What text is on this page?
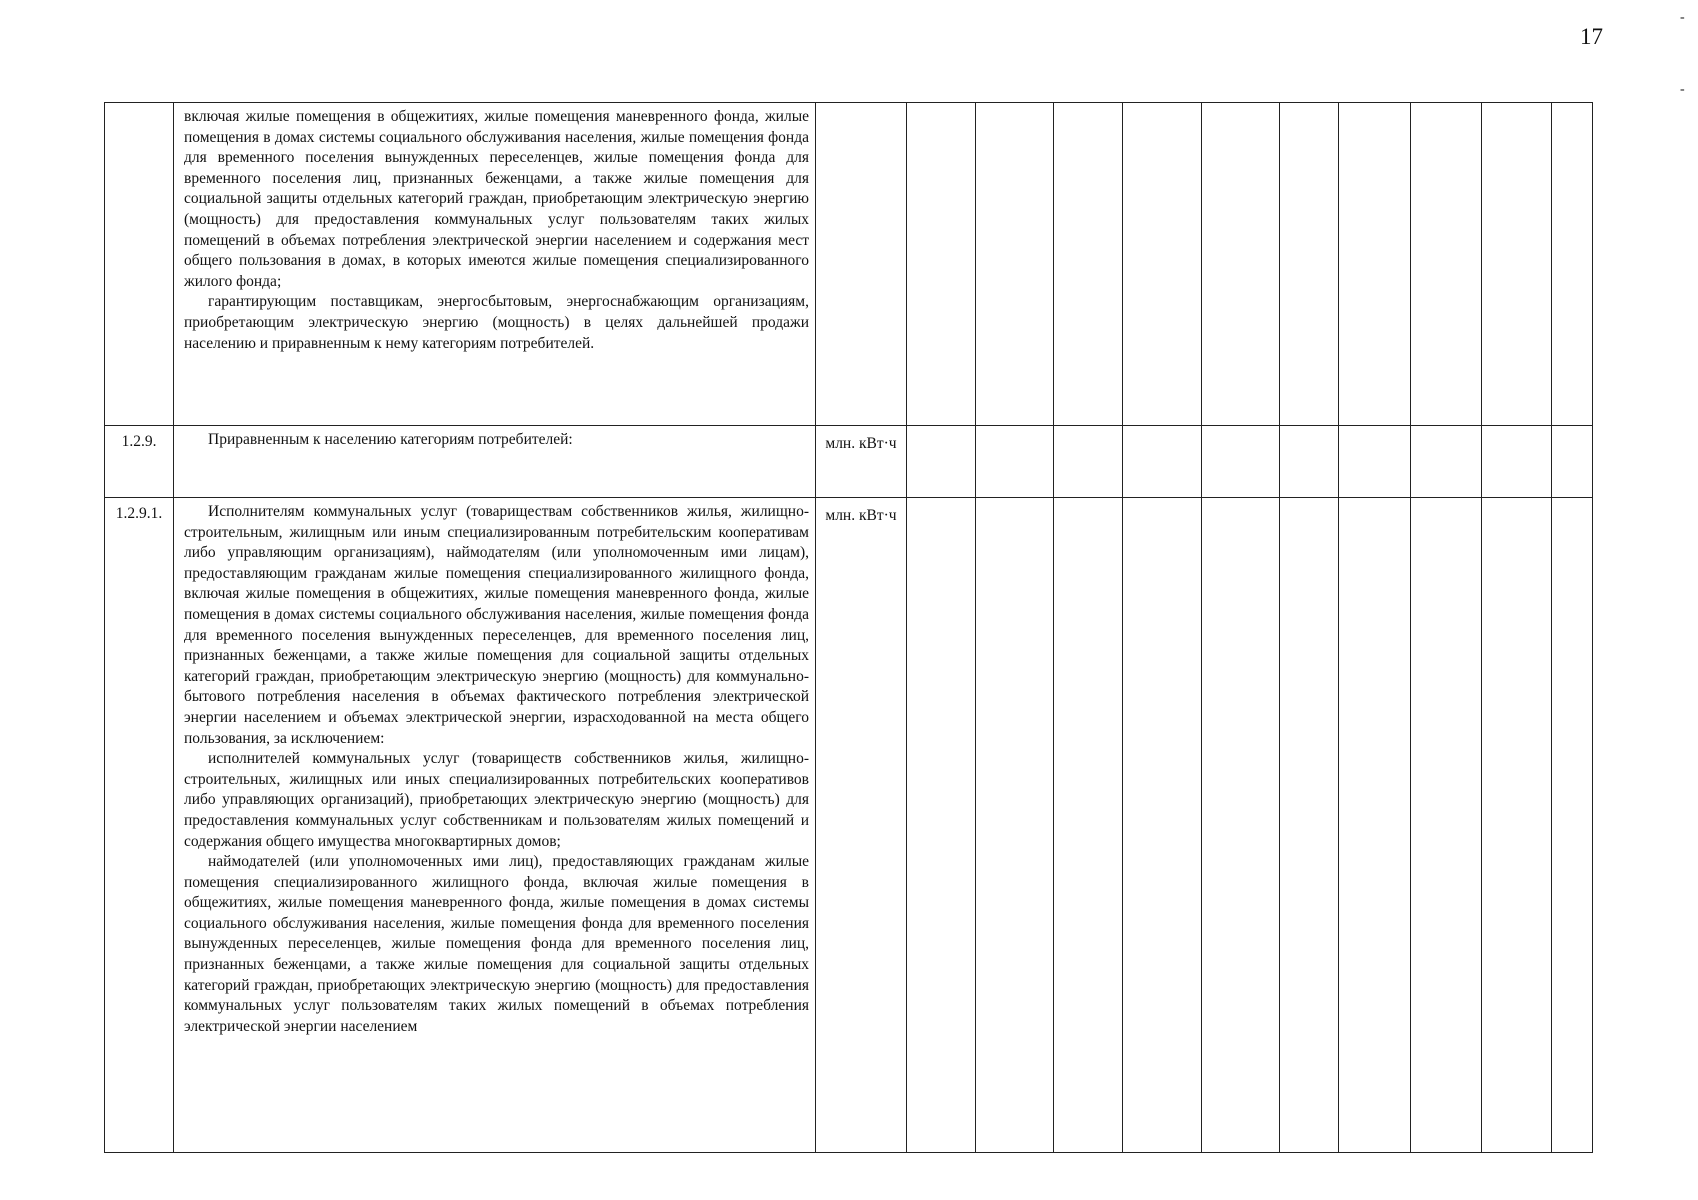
17
-
-

	включая жилые помещения в общежитиях, жилые помещения маневренного фонда, жилые помещения в домах системы социального обслуживания населения, жилые помещения фонда для временного поселения вынужденных переселенцев, жилые помещения фонда для временного поселения лиц, признанных беженцами, а также жилые помещения для социальной защиты отдельных категорий граждан, приобретающим электрическую энергию (мощность) для предоставления коммунальных услуг пользователям таких жилых помещений в объемах потребления электрической энергии населением и содержания мест общего пользования в домах, в которых имеются жилые помещения специализированного жилого фонда;

гарантирующим поставщикам, энергосбытовым, энергоснабжающим организациям, приобретающим электрическую энергию (мощность) в целях дальнейшей продажи населению и приравненным к нему категориям потребителей.											

1.2.9.	Приравненным к населению категориям потребителей:	млн. кВт·ч										
1.2.9.1.	Исполнителям коммунальных услуг (товариществам собственников жилья, жилищно-строительным, жилищным или иным специализированным потребительским кооперативам либо управляющим организациям), наймодателям (или уполномоченным ими лицам), предоставляющим гражданам жилые помещения специализированного жилищного фонда, включая жилые помещения в общежитиях, жилые помещения маневренного фонда, жилые помещения в домах системы социального обслуживания населения, жилые помещения фонда для временного поселения вынужденных переселенцев, для временного поселения лиц, признанных беженцами, а также жилые помещения для социальной защиты отдельных категорий граждан, приобретающим электрическую энергию (мощность) для коммунально-бытового потребления населения в объемах фактического потребления электрической энергии населением и объемах электрической энергии, израсходованной на места общего пользования, за исключением:

исполнителей коммунальных услуг (товариществ собственников жилья, жилищно-строительных, жилищных или иных специализированных потребительских кооперативов либо управляющих организаций), приобретающих электрическую энергию (мощность) для предоставления коммунальных услуг собственникам и пользователям жилых помещений и содержания общего имущества многоквартирных домов;

наймодателей (или уполномоченных ими лиц), предоставляющих гражданам жилые помещения специализированного жилищного фонда, включая жилые помещения в общежитиях, жилые помещения маневренного фонда, жилые помещения в домах системы социального обслуживания населения, жилые помещения фонда для временного поселения вынужденных переселенцев, жилые помещения фонда для временного поселения лиц, признанных беженцами, а также жилые помещения для социальной защиты отдельных категорий граждан, приобретающих электрическую энергию (мощность) для предоставления коммунальных услуг пользователям таких жилых помещений в объемах потребления электрической энергии населением	млн. кВт·ч										
